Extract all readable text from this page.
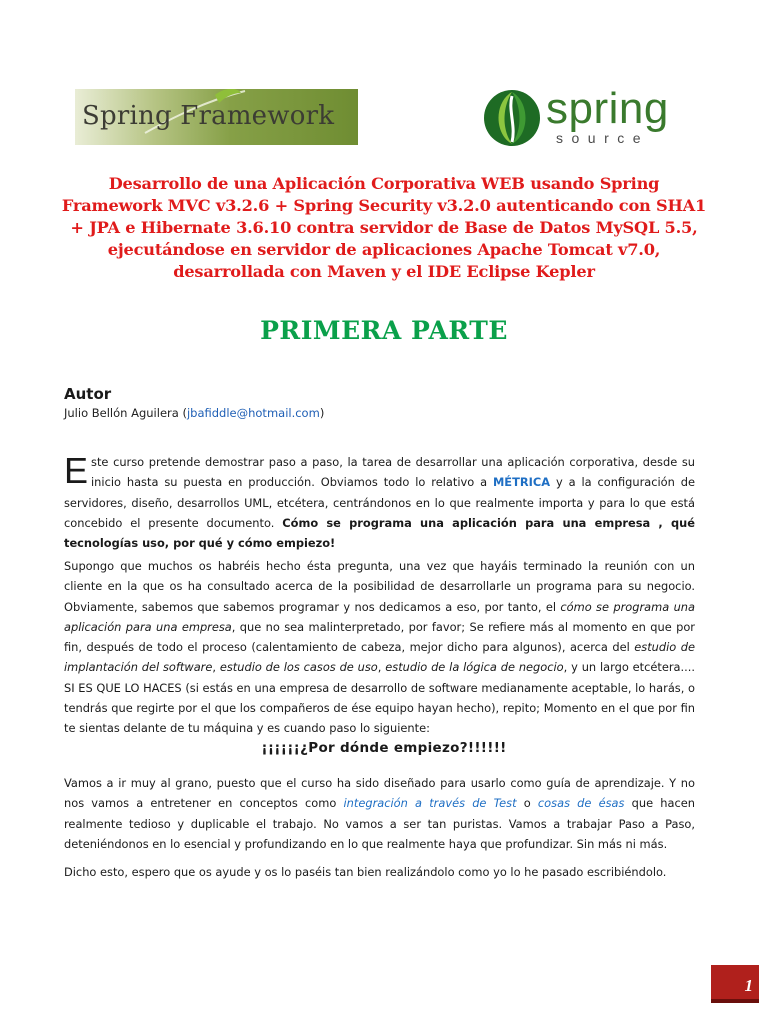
Spring Framework	spring
source
Desarrollo de una Aplicación Corporativa WEB usando Spring Framework MVC v3.2.6 + Spring Security v3.2.0 autenticando con SHA1 + JPA e Hibernate 3.6.10 contra servidor de Base de Datos MySQL 5.5, ejecutándose en servidor de aplicaciones Apache Tomcat v7.0, desarrollada con Maven y el IDE Eclipse Kepler
PRIMERA PARTE
Autor
Julio Bellón Aguilera (jbafiddle@hotmail.com)
Este curso pretende demostrar paso a paso, la tarea de desarrollar una aplicación corporativa, desde su inicio hasta su puesta en producción. Obviamos todo lo relativo a MÉTRICA y a la configuración de servidores, diseño, desarrollos UML, etcétera, centrándonos en lo que realmente importa y para lo que está concebido el presente documento. Cómo se programa una aplicación para una empresa , qué tecnologías uso, por qué y cómo empiezo!
Supongo que muchos os habréis hecho ésta pregunta, una vez que hayáis terminado la reunión con un cliente en la que os ha consultado acerca de la posibilidad de desarrollarle un programa para su negocio. Obviamente, sabemos que sabemos programar y nos dedicamos a eso, por tanto, el cómo se programa una aplicación para una empresa, que no sea malinterpretado, por favor; Se refiere más al momento en que por fin, después de todo el proceso (calentamiento de cabeza, mejor dicho para algunos), acerca del estudio de implantación del software, estudio de los casos de uso, estudio de la lógica de negocio, y un largo etcétera.... SI ES QUE LO HACES (si estás en una empresa de desarrollo de software medianamente aceptable, lo harás, o tendrás que regirte por el que los compañeros de ése equipo hayan hecho), repito; Momento en el que por fin te sientas delante de tu máquina y es cuando paso lo siguiente:
¡¡¡¡¡¡¿Por dónde empiezo?!!!!!!
Vamos a ir muy al grano, puesto que el curso ha sido diseñado para usarlo como guía de aprendizaje. Y no nos vamos a entretener en conceptos como integración a través de Test o cosas de ésas que hacen realmente tedioso y duplicable el trabajo. No vamos a ser tan puristas. Vamos a trabajar Paso a Paso, deteniéndonos en lo esencial y profundizando en lo que realmente haya que profundizar. Sin más ni más.
Dicho esto, espero que os ayude y os lo paséis tan bien realizándolo como yo lo he pasado escribiéndolo.
1
